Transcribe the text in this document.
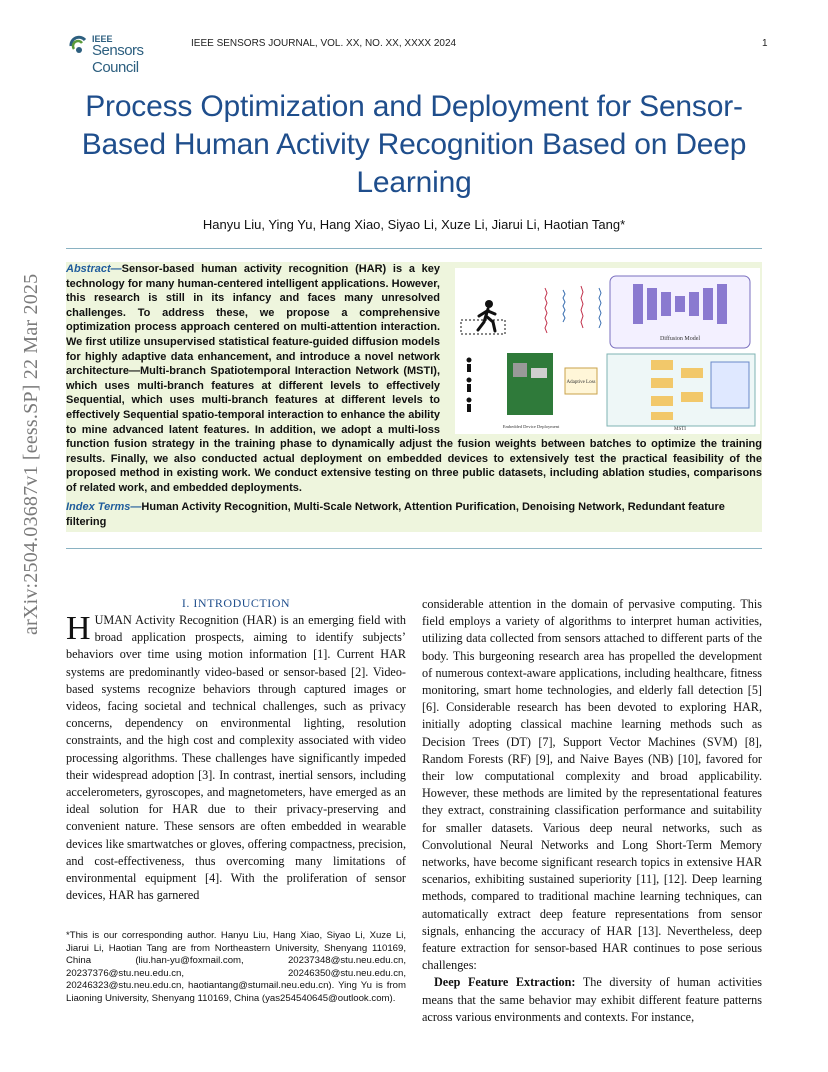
IEEE
Sensors Council
IEEE SENSORS JOURNAL, VOL. XX, NO. XX, XXXX 2024	1
Process Optimization and Deployment for Sensor-Based Human Activity Recognition Based on Deep Learning
Hanyu Liu, Ying Yu, Hang Xiao, Siyao Li, Xuze Li, Jiarui Li, Haotian Tang*
Abstract—Sensor-based human activity recognition (HAR) is a key technology for many human-centered intelligent applications. However, this research is still in its infancy and faces many unresolved challenges. To address these, we propose a comprehensive optimization process approach centered on multi-attention interaction. We first utilize unsupervised statistical feature-guided diffusion models for highly adaptive data enhancement, and introduce a novel network architecture—Multi-branch Spatiotemporal Interaction Network (MSTI), which uses multi-branch features at different levels to effectively Sequential, which uses multi-branch features at different levels to effectively Sequential spatio-temporal interaction to enhance the ability to mine advanced latent features. In addition, we adopt a multi-loss function fusion strategy in the training phase to dynamically adjust the fusion weights between batches to optimize the training results. Finally, we also conducted actual deployment on embedded devices to extensively test the practical feasibility of the proposed method in existing work. We conduct extensive testing on three public datasets, including ablation studies, comparisons of related work, and embedded deployments.
Index Terms—Human Activity Recognition, Multi-Scale Network, Attention Purification, Denoising Network, Redundant feature filtering
Diffusion Model
Embedded Device Deployment
Adaptive Loss
MSTI
arXiv:2504.03687v1 [eess.SP] 22 Mar 2025	I. INTRODUCTION

HUMAN Activity Recognition (HAR) is an emerging field with broad application prospects, aiming to identify subjects’ behaviors over time using motion information [1]. Current HAR systems are predominantly video-based or sensor-based [2]. Video-based systems recognize behaviors through captured images or videos, facing societal and technical challenges, such as privacy concerns, dependency on environmental lighting, resolution constraints, and the high cost and complexity associated with video processing algorithms. These challenges have significantly impeded their widespread adoption [3]. In contrast, inertial sensors, including accelerometers, gyroscopes, and magnetometers, have emerged as an ideal solution for HAR due to their privacy-preserving and convenient nature. These sensors are often embedded in wearable devices like smartwatches or gloves, offering compactness, precision, and cost-effectiveness, thus overcoming many limitations of environmental equipment [4]. With the proliferation of sensor devices, HAR has garnered

considerable attention in the domain of pervasive computing. This field employs a variety of algorithms to interpret human activities, utilizing data collected from sensors attached to different parts of the body. This burgeoning research area has propelled the development of numerous context-aware applications, including healthcare, fitness monitoring, smart home technologies, and elderly fall detection [5] [6]. Considerable research has been devoted to exploring HAR, initially adopting classical machine learning methods such as Decision Trees (DT) [7], Support Vector Machines (SVM) [8], Random Forests (RF) [9], and Naive Bayes (NB) [10], favored for their low computational complexity and broad applicability. However, these methods are limited by the representational features they extract, constraining classification performance and suitability for smaller datasets. Various deep neural networks, such as Convolutional Neural Networks and Long Short-Term Memory networks, have become significant research topics in extensive HAR scenarios, exhibiting sustained superiority [11], [12]. Deep learning methods, compared to traditional machine learning techniques, can automatically extract deep feature representations from sensor signals, enhancing the accuracy of HAR [13]. Nevertheless, deep feature extraction for sensor-based HAR continues to pose serious challenges:

Deep Feature Extraction: The diversity of human activities means that the same behavior may exhibit different feature patterns across various environments and contexts. For instance,

*This is our corresponding author. Hanyu Liu, Hang Xiao, Siyao Li, Xuze Li, Jiarui Li, Haotian Tang are from Northeastern University, Shenyang 110169, China (liu.han-yu@foxmail.com, 20237348@stu.neu.edu.cn, 20237376@stu.neu.edu.cn, 20246350@stu.neu.edu.cn, 20246323@stu.neu.edu.cn, haotiantang@stumail.neu.edu.cn). Ying Yu is from Liaoning University, Shenyang 110169, China (yas254540645@outlook.com).
